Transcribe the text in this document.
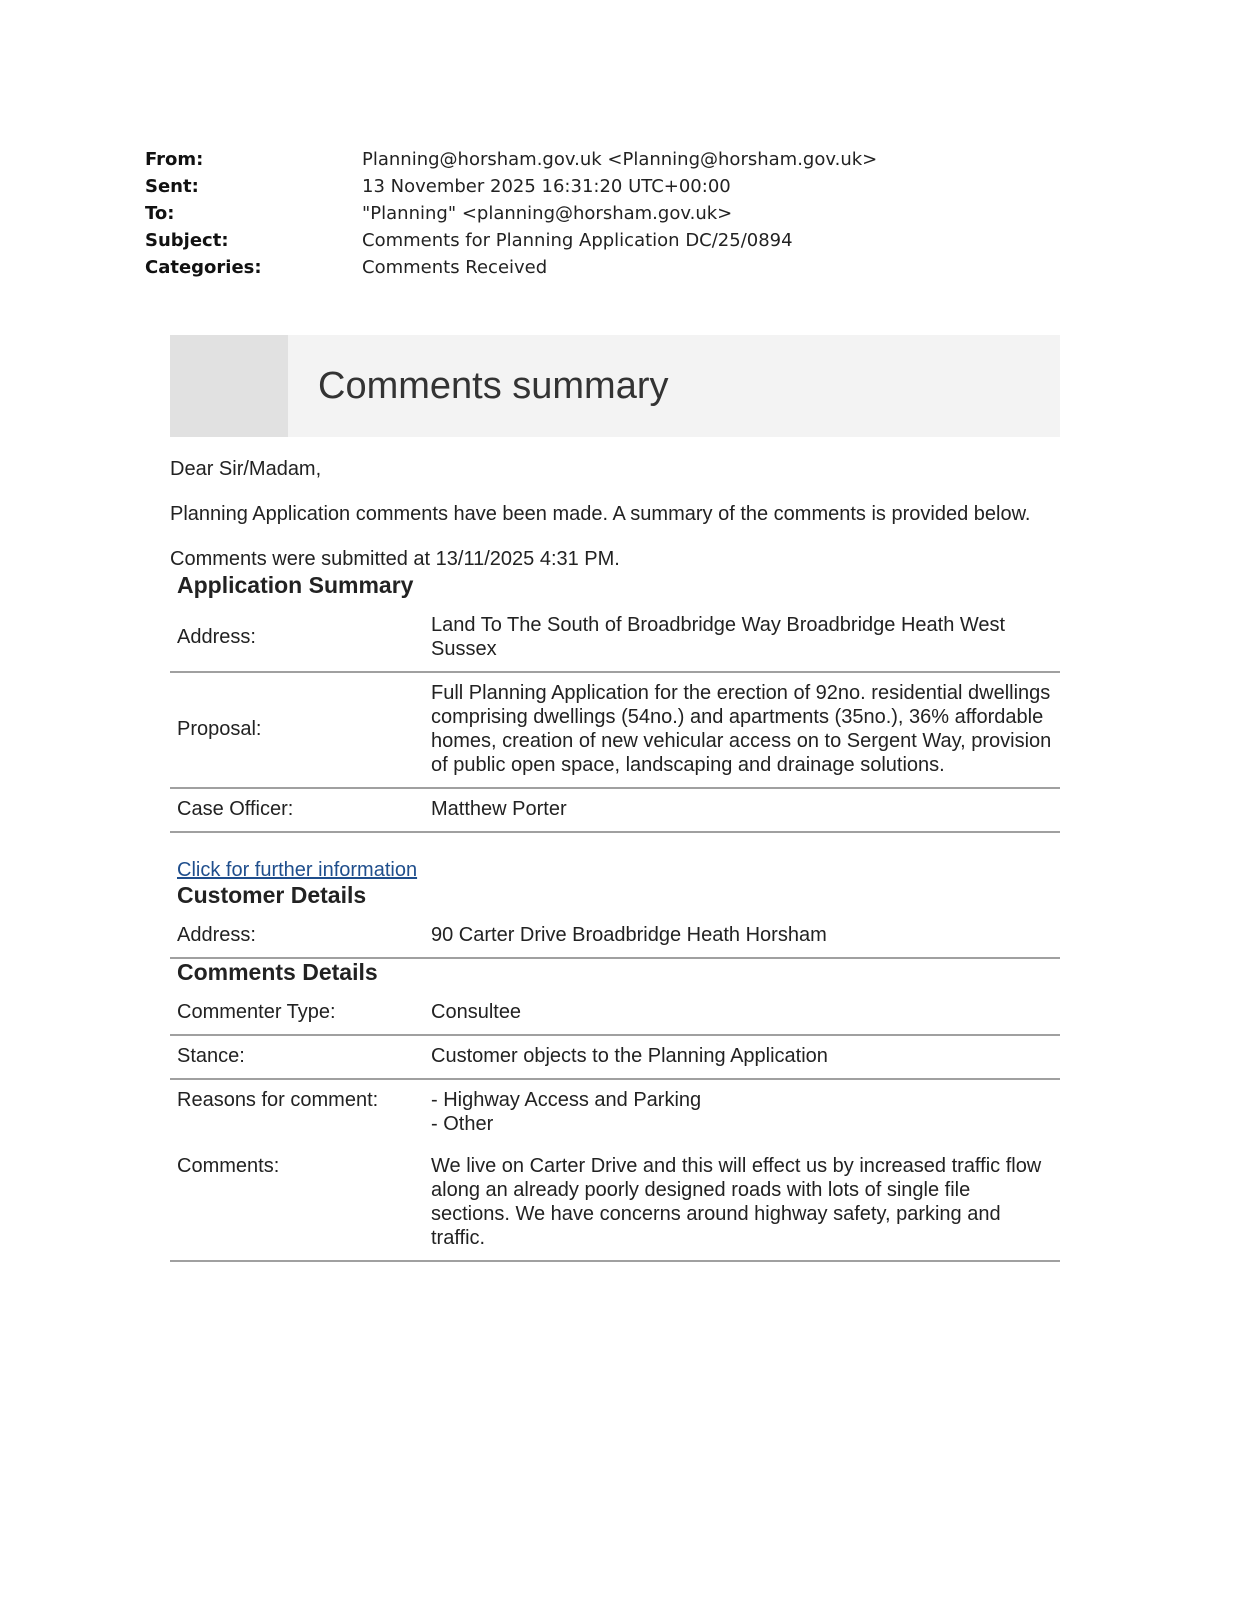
From:	Planning@horsham.gov.uk <Planning@horsham.gov.uk>
Sent:	13 November 2025 16:31:20 UTC+00:00
To:	"Planning" <planning@horsham.gov.uk>
Subject:	Comments for Planning Application DC/25/0894
Categories:	Comments Received
Comments summary

Dear Sir/Madam,

Planning Application comments have been made. A summary of the comments is provided below.

Comments were submitted at 13/11/2025 4:31 PM.

Application Summary
Address:	Land To The South of Broadbridge Way Broadbridge Heath West Sussex
Proposal:	Full Planning Application for the erection of 92no. residential dwellings comprising dwellings (54no.) and apartments (35no.), 36% affordable homes, creation of new vehicular access on to Sergent Way, provision of public open space, landscaping and drainage solutions.
Case Officer:	Matthew Porter
Click for further information
Customer Details
Address:	90 Carter Drive Broadbridge Heath Horsham
Comments Details
Commenter Type:	Consultee
Stance:	Customer objects to the Planning Application
Reasons for comment:	- Highway Access and Parking
- Other

Comments:	We live on Carter Drive and this will effect us by increased traffic flow along an already poorly designed roads with lots of single file sections. We have concerns around highway safety, parking and traffic.
